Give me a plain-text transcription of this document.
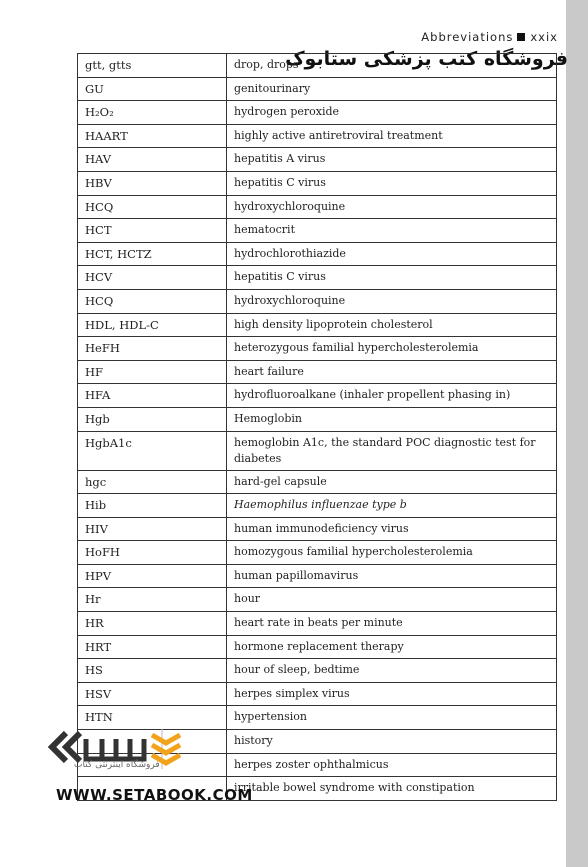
Abbreviations xxix
فروشگاه کتب پزشکی ستابوک
gtt, gtts	drop, drops
GU	genitourinary
H₂O₂	hydrogen peroxide
HAART	highly active antiretroviral treatment
HAV	hepatitis A virus
HBV	hepatitis C virus
HCQ	hydroxychloroquine
HCT	hematocrit
HCT, HCTZ	hydrochlorothiazide
HCV	hepatitis C virus
HCQ	hydroxychloroquine
HDL, HDL-C	high density lipoprotein cholesterol
HeFH	heterozygous familial hypercholesterolemia
HF	heart failure
HFA	hydrofluoroalkane (inhaler propellent phasing in)
Hgb	Hemoglobin
HgbA1c	hemoglobin A1c, the standard POC diagnostic test for diabetes
hgc	hard-gel capsule
Hib	Haemophilus influenzae type b
HIV	human immunodeficiency virus
HoFH	homozygous familial hypercholesterolemia
HPV	human papillomavirus
Hr	hour
HR	heart rate in beats per minute
HRT	hormone replacement therapy
HS	hour of sleep, bedtime
HSV	herpes simplex virus
HTN	hypertension
	history
	herpes zoster ophthalmicus
	irritable bowel syndrome with constipation
فروشگاه اینترنتی کتاب
WWW.SETABOOK.COM
